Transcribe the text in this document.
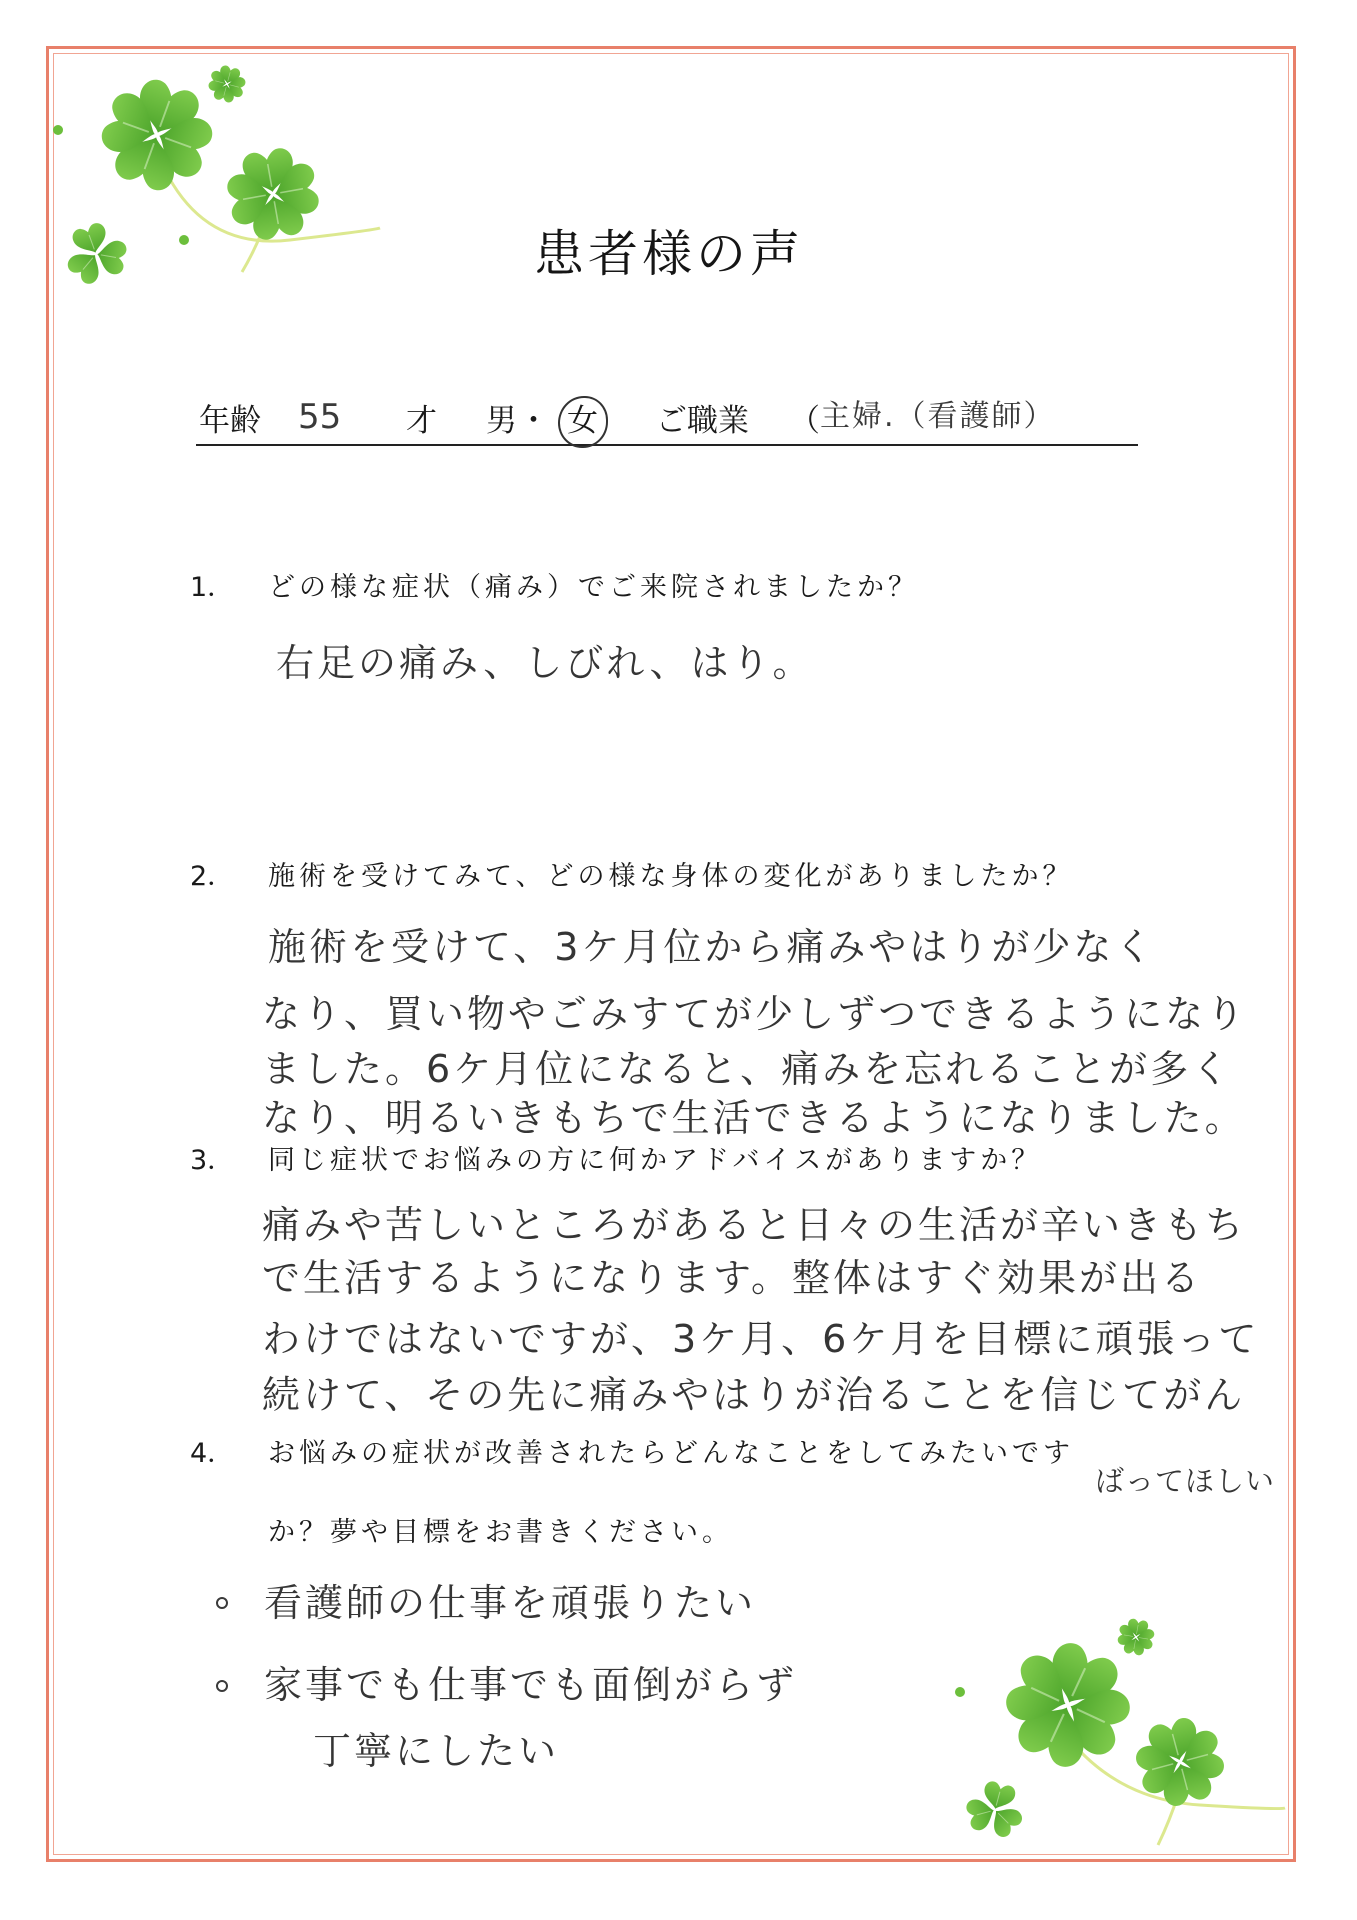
患者様の声
年齢 55 才 男 ・ 女 ご職業 （ 主婦.（看護師）
1． どの様な症状（痛み）でご来院されましたか？
右足の痛み、しびれ、はり。
2． 施術を受けてみて、どの様な身体の変化がありましたか？
施術を受けて、3ケ月位から痛みやはりが少なく
なり、買い物やごみすてが少しずつできるようになり
ました。6ケ月位になると、痛みを忘れることが多く
なり、明るいきもちで生活できるようになりました。
3． 同じ症状でお悩みの方に何かアドバイスがありますか？
痛みや苦しいところがあると日々の生活が辛いきもち
で生活するようになります。整体はすぐ効果が出る
わけではないですが、3ケ月、6ケ月を目標に頑張って
続けて、その先に痛みやはりが治ることを信じてがん
ばってほしい
4． お悩みの症状が改善されたらどんなことをしてみたいです
か？夢や目標をお書きください。
看護師の仕事を頑張りたい
家事でも仕事でも面倒がらず
丁寧にしたい
